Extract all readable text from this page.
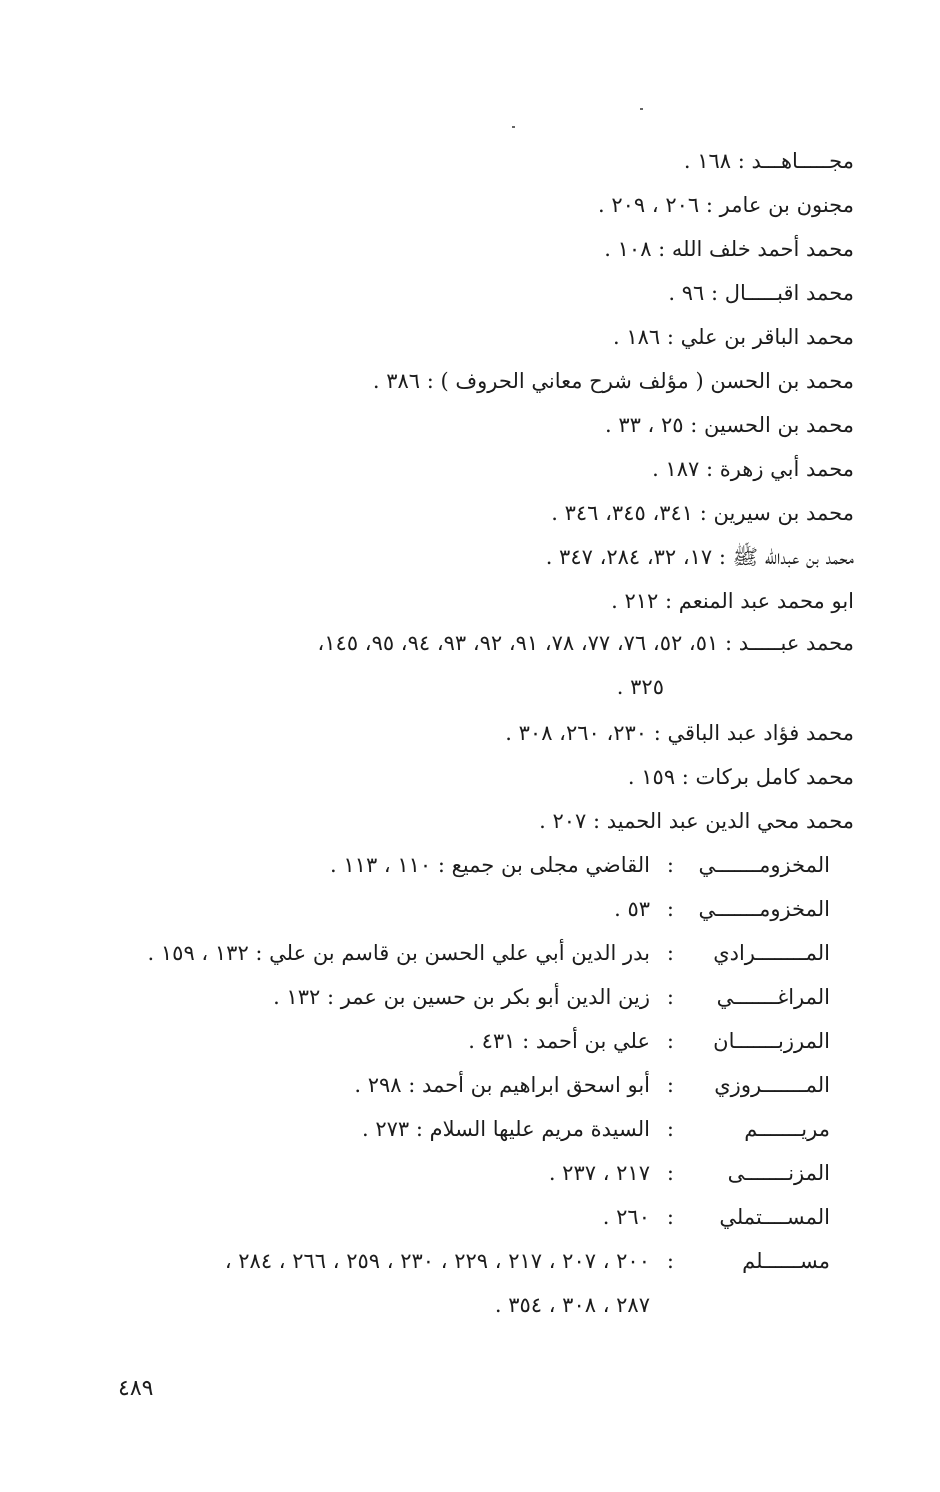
مجـــــاهـــد : ١٦٨ .
مجنون بن عامر : ٢٠٦ ، ٢٠٩ .
محمد أحمد خلف الله : ١٠٨ .
محمد اقبـــــال : ٩٦ .
محمد الباقر بن علي : ١٨٦ .
محمد بن الحسن ( مؤلف شرح معاني الحروف ) : ٣٨٦ .
محمد بن الحسين : ٢٥ ، ٣٣ .
محمد أبي زهرة : ١٨٧ .
محمد بن سيرين : ٣٤١، ٣٤٥، ٣٤٦ .
محمد بن عبدالله ﷺ : ١٧، ٣٢، ٢٨٤، ٣٤٧ .
ابو محمد عبد المنعم : ٢١٢ .
محمد عبـــــد : ٥١، ٥٢، ٧٦، ٧٧، ٧٨، ٩١، ٩٢، ٩٣، ٩٤، ٩٥، ١٤٥،
٣٢٥ .
محمد فؤاد عبد الباقي : ٢٣٠، ٢٦٠، ٣٠٨ .
محمد كامل بركات : ١٥٩ .
محمد محي الدين عبد الحميد : ٢٠٧ .
المخزومـــــــي
:
القاضي مجلى بن جميع : ١١٠ ، ١١٣ .
المخزومـــــــي
:
٥٣ .
المــــــــرادي
:
بدر الدين أبي علي الحسن بن قاسم بن علي : ١٣٢ ، ١٥٩ .
المراغـــــــي
:
زين الدين أبو بكر بن حسين بن عمر : ١٣٢ .
المرزبـــــــان
:
علي بن أحمد : ٤٣١ .
المـــــــروزي
:
أبو اسحق ابراهيم بن أحمد : ٢٩٨ .
مريـــــــم
:
السيدة مريم عليها السلام : ٢٧٣ .
المزنـــــــى
:
٢١٧ ، ٢٣٧ .
المســــتملي
:
٢٦٠ .
مســــــلم
:
٢٠٠ ، ٢٠٧ ، ٢١٧ ، ٢٢٩ ، ٢٣٠ ، ٢٥٩ ، ٢٦٦ ، ٢٨٤ ،
٢٨٧ ، ٣٠٨ ، ٣٥٤ .
٤٨٩
